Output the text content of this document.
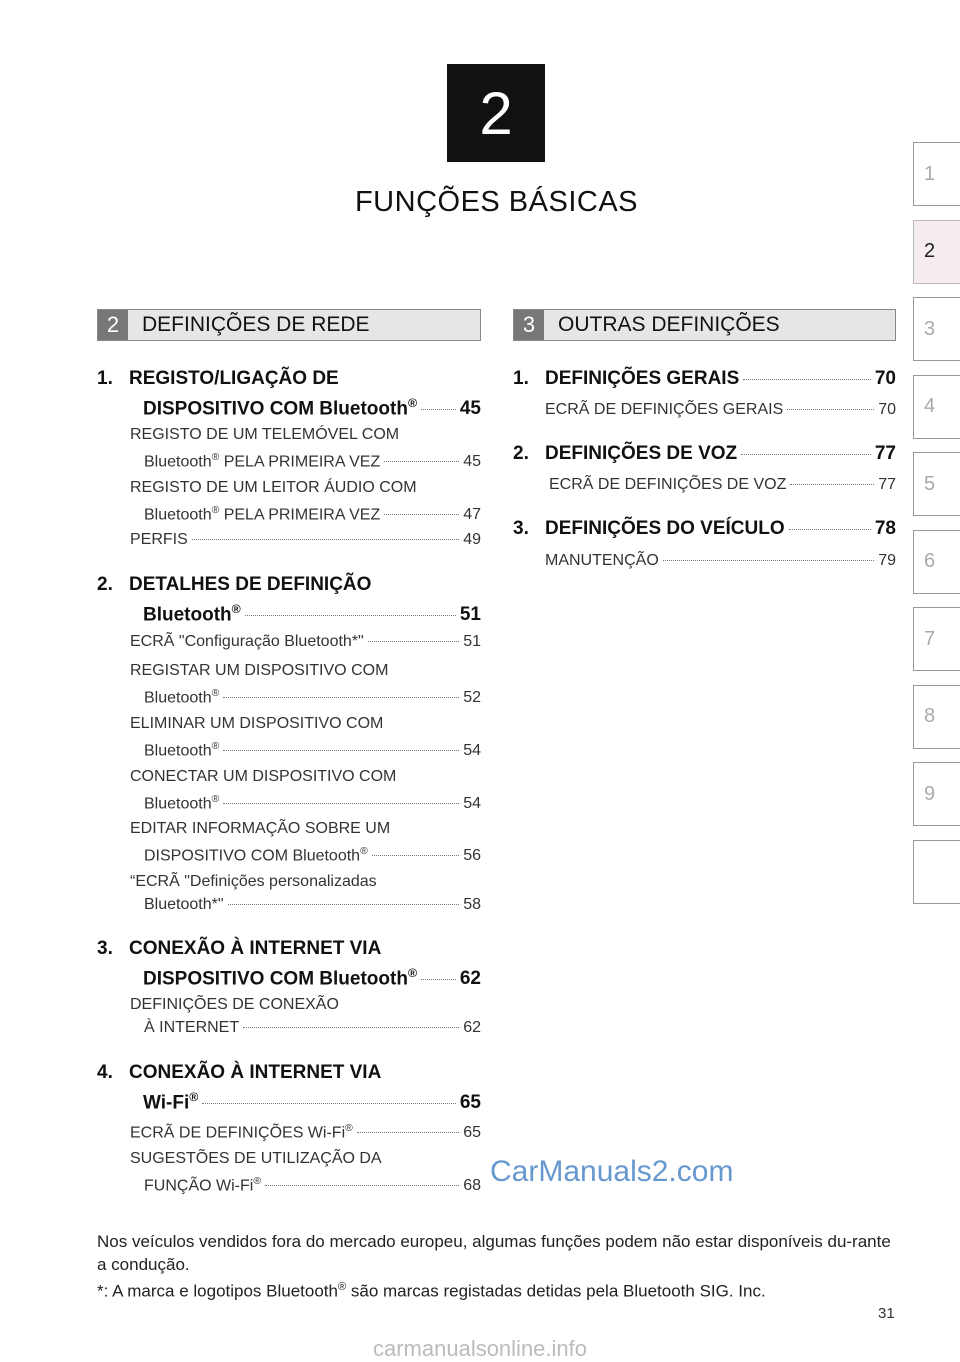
2
FUNÇÕES BÁSICAS
1
2
3
4
5
6
7
8
9
2	DEFINIÇÕES DE REDE	3	OUTRAS DEFINIÇÕES
1. REGISTO/LIGAÇÃO DE
DISPOSITIVO COM Bluetooth® 45
REGISTO DE UM TELEMÓVEL COM
Bluetooth® PELA PRIMEIRA VEZ	45
REGISTO DE UM LEITOR ÁUDIO COM
Bluetooth® PELA PRIMEIRA VEZ	47
PERFIS	49
2. DETALHES DE DEFINIÇÃO
Bluetooth®	51
ECRÃ "Configuração Bluetooth*"	51
REGISTAR UM DISPOSITIVO COM
Bluetooth®	52
ELIMINAR UM DISPOSITIVO COM
Bluetooth®	54
CONECTAR UM DISPOSITIVO COM
Bluetooth®	54
EDITAR INFORMAÇÃO SOBRE UM
DISPOSITIVO COM Bluetooth®	56
“ECRÃ "Definições personalizadas
Bluetooth*"	58
3. CONEXÃO À INTERNET VIA
DISPOSITIVO COM Bluetooth® 62
DEFINIÇÕES DE CONEXÃO
À INTERNET	62
4. CONEXÃO À INTERNET VIA
Wi-Fi®	65
ECRÃ DE DEFINIÇÕES Wi-Fi®	65
SUGESTÕES DE UTILIZAÇÃO DA
FUNÇÃO Wi-Fi®	68
1. DEFINIÇÕES GERAIS	70
ECRÃ DE DEFINIÇÕES GERAIS	70
2. DEFINIÇÕES DE VOZ	77
ECRÃ DE DEFINIÇÕES DE VOZ	77
3. DEFINIÇÕES DO VEÍCULO	78
MANUTENÇÃO	79
CarManuals2.com
Nos veículos vendidos fora do mercado europeu, algumas funções podem não estar disponíveis du-rante a condução.
*: A marca e logotipos Bluetooth® são marcas registadas detidas pela Bluetooth SIG. Inc.
31
carmanualsonline.info
